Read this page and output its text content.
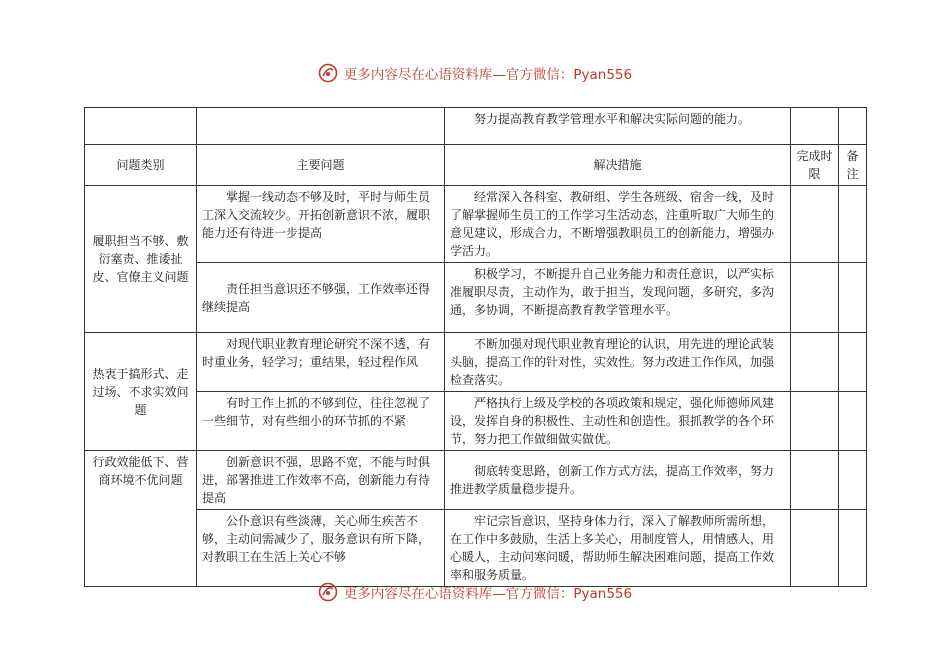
更多内容尽在心语资料库—官方微信：Pyan556

		努力提高教育教学管理水平和解决实际问题的能力。		

问题类别	主要问题	解决措施	完成时限	备注
履职担当不够、敷衍塞责、推诿扯皮、官僚主义问题	掌握一线动态不够及时，平时与师生员工深入交流较少。开拓创新意识不浓，履职能力还有待进一步提高	经常深入各科室、教研组、学生各班级、宿舍一线，及时了解掌握师生员工的工作学习生活动态，注重听取广大师生的意见建议，形成合力，不断增强教职员工的创新能力，增强办学活力。		

	责任担当意识还不够强，工作效率还得继续提高	积极学习，不断提升自己业务能力和责任意识，以严实标准履职尽责，主动作为，敢于担当，发现问题，多研究，多沟通，多协调，不断提高教育教学管理水平。		

热衷于搞形式、走过场、不求实效问题	对现代职业教育理论研究不深不透，有时重业务，轻学习；重结果，轻过程作风	不断加强对现代职业教育理论的认识，用先进的理论武装头脑，提高工作的针对性，实效性。努力改进工作作风，加强检查落实。		

	有时工作上抓的不够到位，往往忽视了一些细节，对有些细小的环节抓的不紧	严格执行上级及学校的各项政策和规定，强化师德师风建设，发挥自身的积极性、主动性和创造性。狠抓教学的各个环节，努力把工作做细做实做优。		

行政效能低下、营商环境不优问题	创新意识不强，思路不宽，不能与时俱进，部署推进工作效率不高，创新能力有待提高	彻底转变思路，创新工作方式方法，提高工作效率，努力推进教学质量稳步提升。		

	公仆意识有些淡薄，关心师生疾苦不够，主动问需减少了，服务意识有所下降，对教职工在生活上关心不够	牢记宗旨意识，坚持身体力行，深入了解教师所需所想，在工作中多鼓励，生活上多关心，用制度管人，用情感人，用心暖人，主动问寒问暖，帮助师生解决困难问题，提高工作效率和服务质量。		

更多内容尽在心语资料库—官方微信：Pyan556
